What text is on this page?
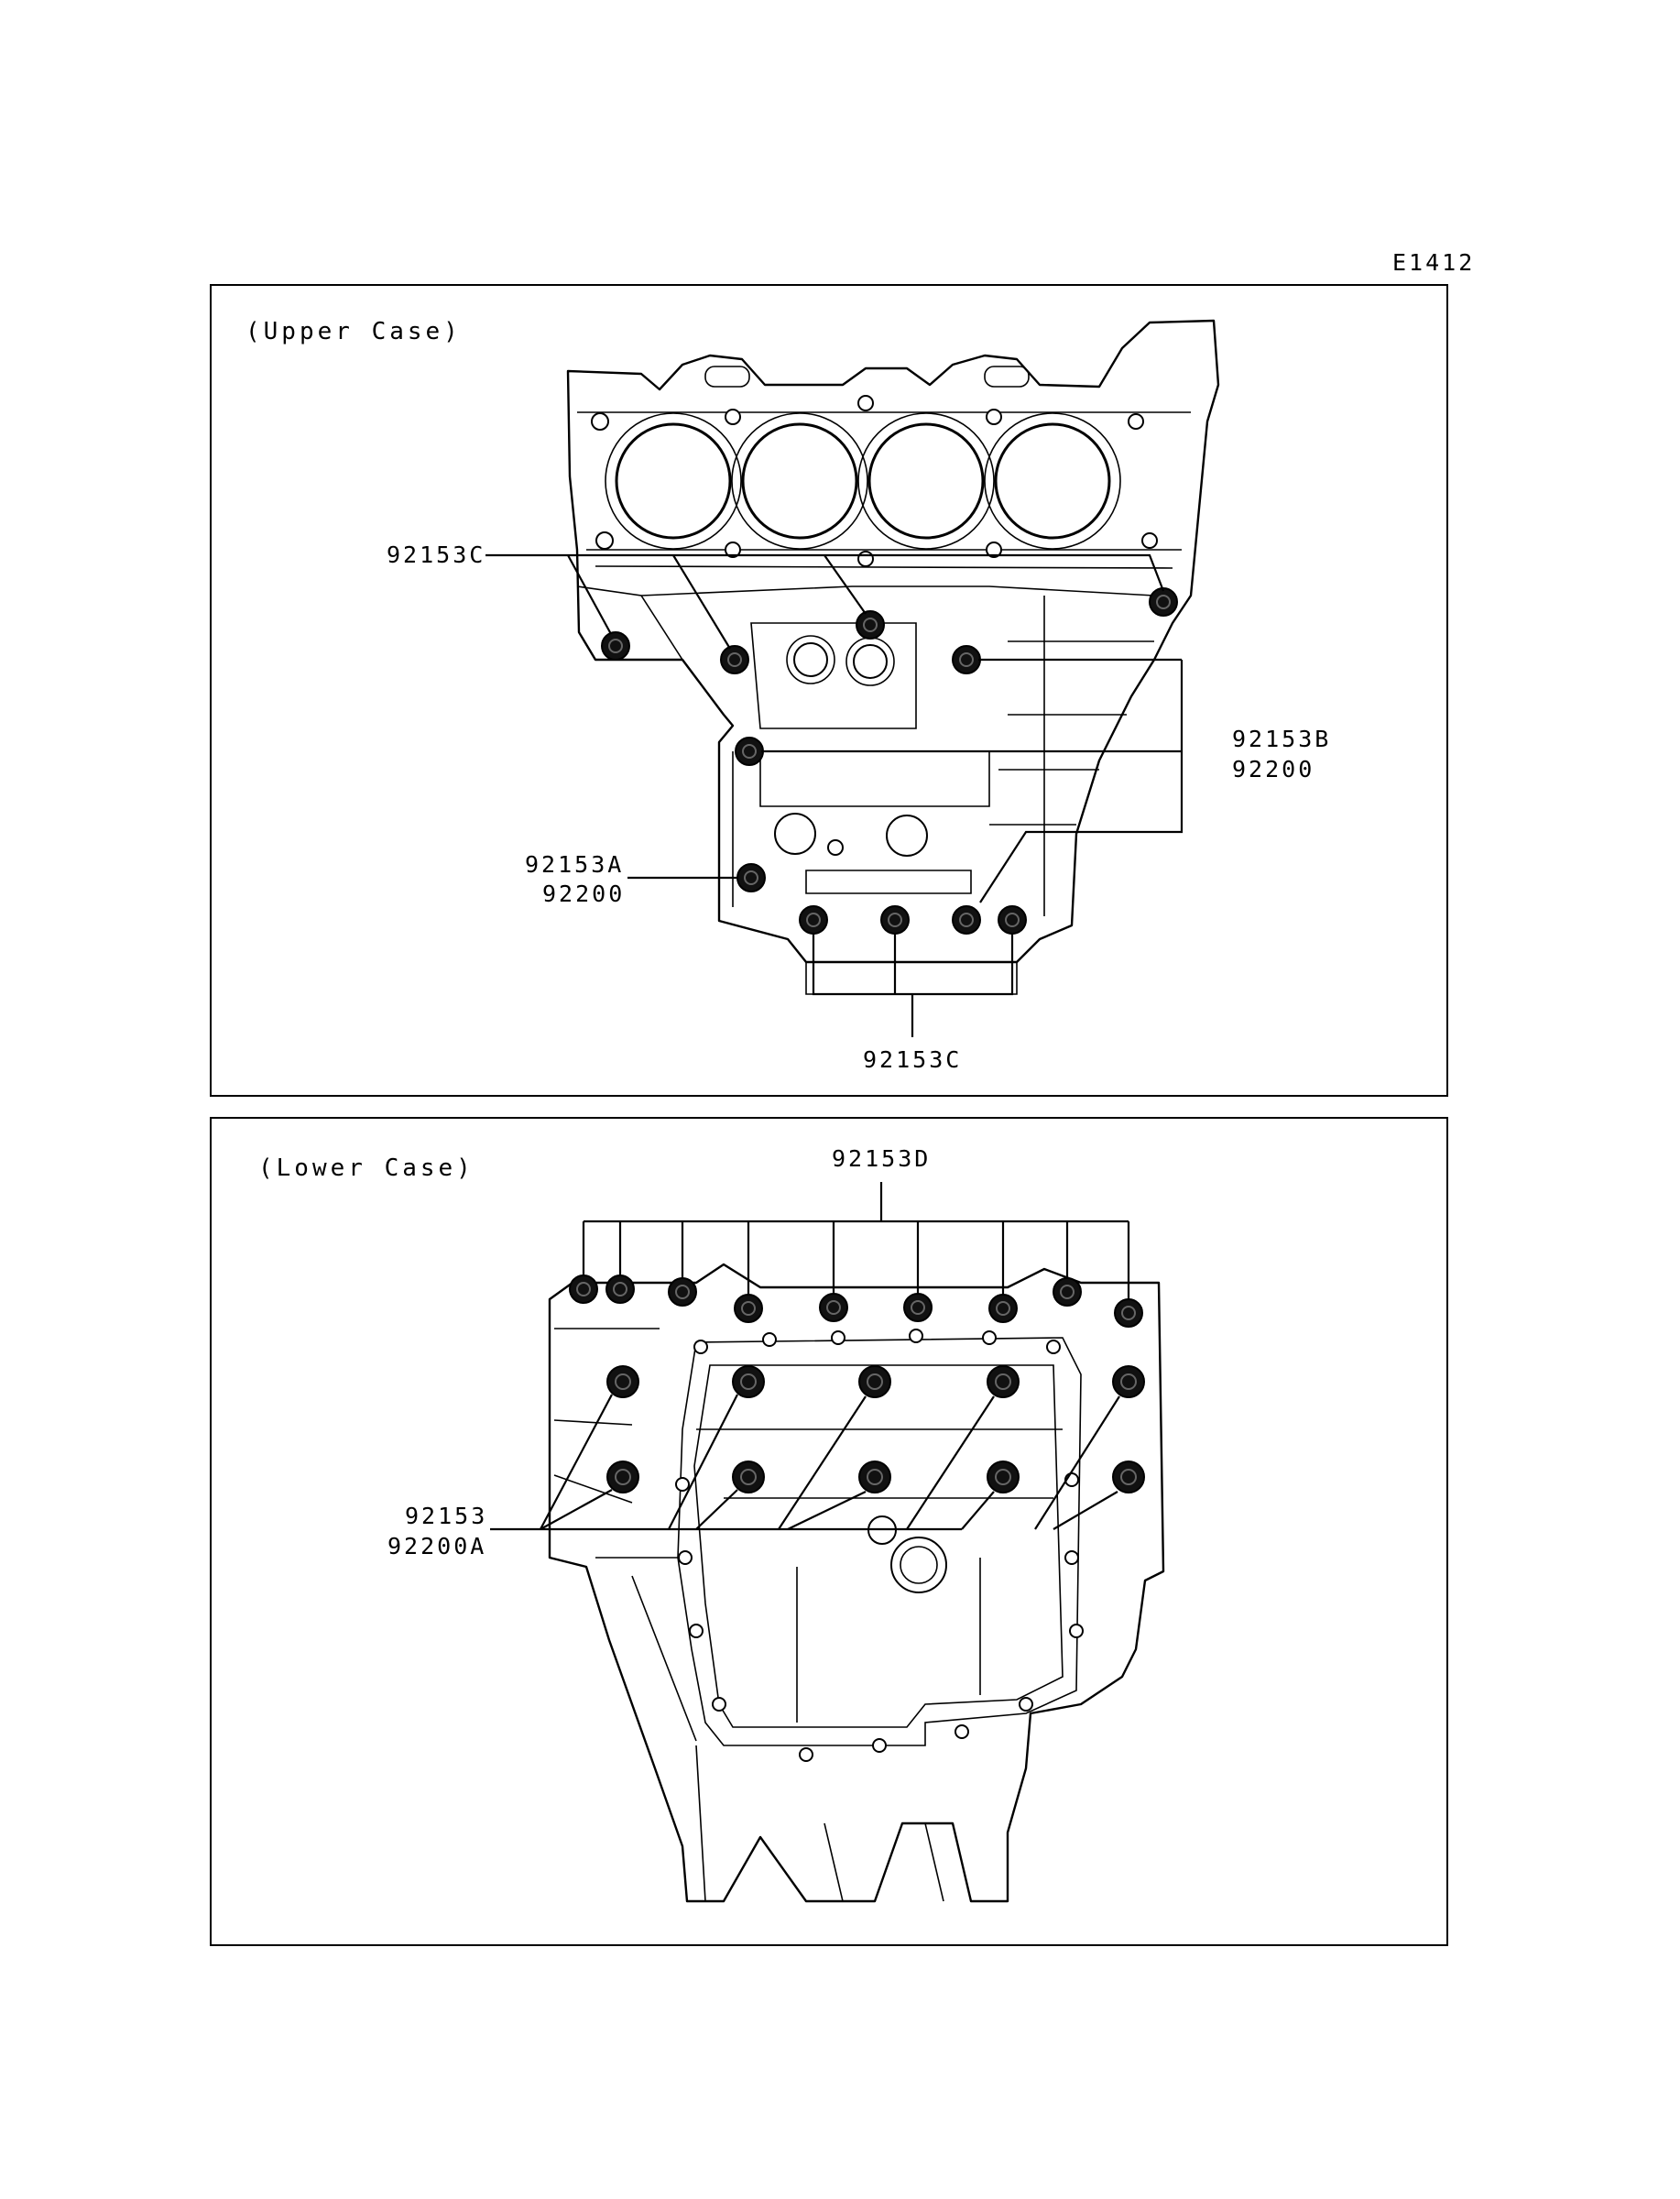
E1412
(Upper Case)
92153C
92153B
92200
92153A
92200
92153C
(Lower Case)	92153D
92153
92200A
